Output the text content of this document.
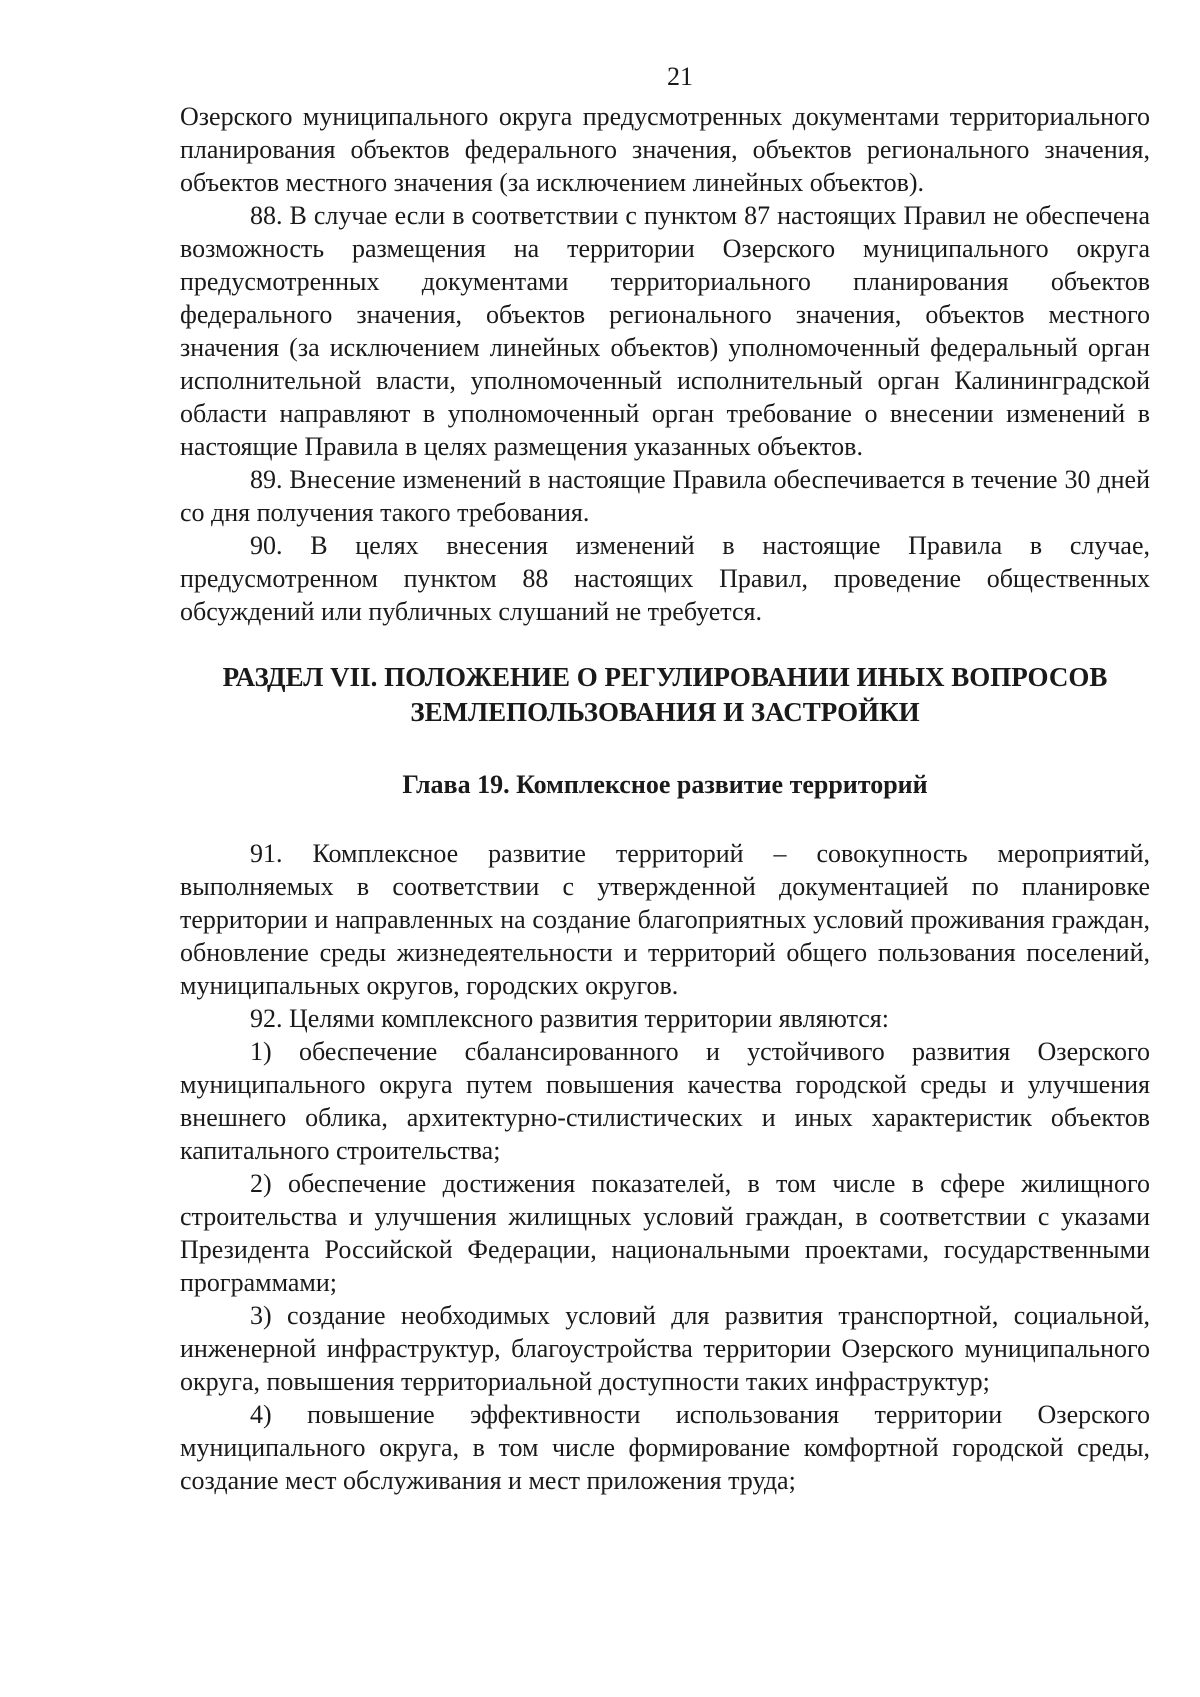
21

Озерского муниципального округа предусмотренных документами территориального планирования объектов федерального значения, объектов регионального значения, объектов местного значения (за исключением линейных объектов).

88. В случае если в соответствии с пунктом 87 настоящих Правил не обеспечена возможность размещения на территории Озерского муниципального округа предусмотренных документами территориального планирования объектов федерального значения, объектов регионального значения, объектов местного значения (за исключением линейных объектов) уполномоченный федеральный орган исполнительной власти, уполномоченный исполнительный орган Калининградской области направляют в уполномоченный орган требование о внесении изменений в настоящие Правила в целях размещения указанных объектов.

89. Внесение изменений в настоящие Правила обеспечивается в течение 30 дней со дня получения такого требования.

90. В целях внесения изменений в настоящие Правила в случае, предусмотренном пунктом 88 настоящих Правил, проведение общественных обсуждений или публичных слушаний не требуется.

РАЗДЕЛ VII. ПОЛОЖЕНИЕ О РЕГУЛИРОВАНИИ ИНЫХ ВОПРОСОВ
ЗЕМЛЕПОЛЬЗОВАНИЯ И ЗАСТРОЙКИ
Глава 19. Комплексное развитие территорий

91. Комплексное развитие территорий – совокупность мероприятий, выполняемых в соответствии с утвержденной документацией по планировке территории и направленных на создание благоприятных условий проживания граждан, обновление среды жизнедеятельности и территорий общего пользования поселений, муниципальных округов, городских округов.

92. Целями комплексного развития территории являются:

1) обеспечение сбалансированного и устойчивого развития Озерского муниципального округа путем повышения качества городской среды и улучшения внешнего облика, архитектурно-стилистических и иных характеристик объектов капитального строительства;

2) обеспечение достижения показателей, в том числе в сфере жилищного строительства и улучшения жилищных условий граждан, в соответствии с указами Президента Российской Федерации, национальными проектами, государственными программами;

3) создание необходимых условий для развития транспортной, социальной, инженерной инфраструктур, благоустройства территории Озерского муниципального округа, повышения территориальной доступности таких инфраструктур;

4) повышение эффективности использования территории Озерского муниципального округа, в том числе формирование комфортной городской среды, создание мест обслуживания и мест приложения труда;
